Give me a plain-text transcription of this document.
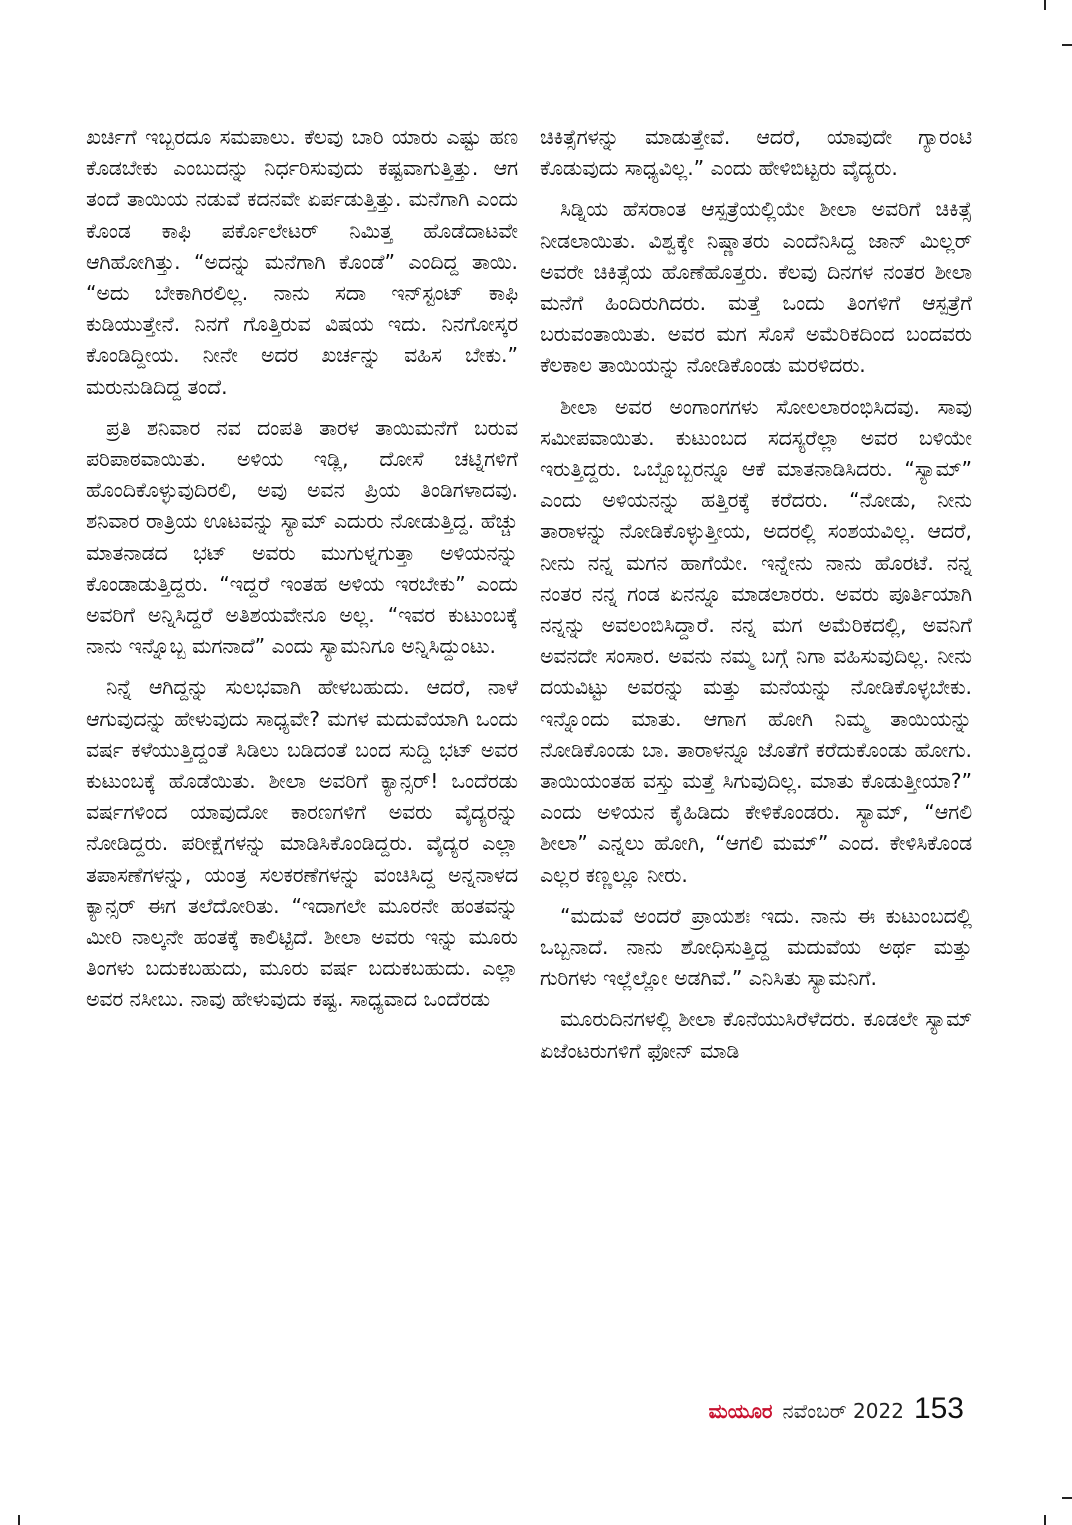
ಖರ್ಚಿಗೆ ಇಬ್ಬರದೂ ಸಮಪಾಲು. ಕೆಲವು ಬಾರಿ ಯಾರು ಎಷ್ಟು ಹಣ ಕೊಡಬೇಕು ಎಂಬುದನ್ನು ನಿರ್ಧರಿಸುವುದು ಕಷ್ಟವಾಗುತ್ತಿತ್ತು. ಆಗ ತಂದೆ ತಾಯಿಯ ನಡುವೆ ಕದನವೇ ಏರ್ಪಡುತ್ತಿತ್ತು. ಮನೆಗಾಗಿ ಎಂದು ಕೊಂಡ ಕಾಫಿ ಪರ್ಕೊಲೇಟರ್ ನಿಮಿತ್ತ ಹೊಡೆದಾಟವೇ ಆಗಿಹೋಗಿತ್ತು. “ಅದನ್ನು ಮನೆಗಾಗಿ ಕೊಂಡೆ” ಎಂದಿದ್ದ ತಾಯಿ. “ಅದು ಬೇಕಾಗಿರಲಿಲ್ಲ. ನಾನು ಸದಾ ಇನ್‌ಸ್ಟಂಟ್ ಕಾಫಿ ಕುಡಿಯುತ್ತೇನೆ. ನಿನಗೆ ಗೊತ್ತಿರುವ ವಿಷಯ ಇದು. ನಿನಗೋಸ್ಕರ ಕೊಂಡಿದ್ದೀಯ. ನೀನೇ ಅದರ ಖರ್ಚನ್ನು ವಹಿಸ ಬೇಕು.” ಮರುನುಡಿದಿದ್ದ ತಂದೆ.

ಪ್ರತಿ ಶನಿವಾರ ನವ ದಂಪತಿ ತಾರಳ ತಾಯಿಮನೆಗೆ ಬರುವ ಪರಿಪಾಠವಾಯಿತು. ಅಳಿಯ ಇಡ್ಲಿ, ದೋಸೆ ಚಟ್ನಿಗಳಿಗೆ ಹೊಂದಿಕೊಳ್ಳುವುದಿರಲಿ, ಅವು ಅವನ ಪ್ರಿಯ ತಿಂಡಿಗಳಾದವು. ಶನಿವಾರ ರಾತ್ರಿಯ ಊಟವನ್ನು ಸ್ಯಾಮ್ ಎದುರು ನೋಡುತ್ತಿದ್ದ. ಹೆಚ್ಚು ಮಾತನಾಡದ ಭಟ್ ಅವರು ಮುಗುಳ್ನಗುತ್ತಾ ಅಳಿಯನನ್ನು ಕೊಂಡಾಡುತ್ತಿದ್ದರು. “ಇದ್ದರೆ ಇಂತಹ ಅಳಿಯ ಇರಬೇಕು” ಎಂದು ಅವರಿಗೆ ಅನ್ನಿಸಿದ್ದರೆ ಅತಿಶಯವೇನೂ ಅಲ್ಲ. “ಇವರ ಕುಟುಂಬಕ್ಕೆ ನಾನು ಇನ್ನೊಬ್ಬ ಮಗನಾದೆ” ಎಂದು ಸ್ಯಾಮನಿಗೂ ಅನ್ನಿಸಿದ್ದುಂಟು.

ನಿನ್ನೆ ಆಗಿದ್ದನ್ನು ಸುಲಭವಾಗಿ ಹೇಳಬಹುದು. ಆದರೆ, ನಾಳೆ ಆಗುವುದನ್ನು ಹೇಳುವುದು ಸಾಧ್ಯವೇ? ಮಗಳ ಮದುವೆಯಾಗಿ ಒಂದು ವರ್ಷ ಕಳೆಯುತ್ತಿದ್ದಂತೆ ಸಿಡಿಲು ಬಡಿದಂತೆ ಬಂದ ಸುದ್ದಿ ಭಟ್ ಅವರ ಕುಟುಂಬಕ್ಕೆ ಹೊಡೆಯಿತು. ಶೀಲಾ ಅವರಿಗೆ ಕ್ಯಾನ್ಸರ್! ಒಂದೆರಡು ವರ್ಷಗಳಿಂದ ಯಾವುದೋ ಕಾರಣಗಳಿಗೆ ಅವರು ವೈದ್ಯರನ್ನು ನೋಡಿದ್ದರು. ಪರೀಕ್ಷೆಗಳನ್ನು ಮಾಡಿಸಿಕೊಂಡಿದ್ದರು. ವೈದ್ಯರ ಎಲ್ಲಾ ತಪಾಸಣೆಗಳನ್ನು, ಯಂತ್ರ ಸಲಕರಣೆಗಳನ್ನು ವಂಚಿಸಿದ್ದ ಅನ್ನನಾಳದ ಕ್ಯಾನ್ಸರ್ ಈಗ ತಲೆದೋರಿತು. “ಇದಾಗಲೇ ಮೂರನೇ ಹಂತವನ್ನು ಮೀರಿ ನಾಲ್ಕನೇ ಹಂತಕ್ಕೆ ಕಾಲಿಟ್ಟಿದೆ. ಶೀಲಾ ಅವರು ಇನ್ನು ಮೂರು ತಿಂಗಳು ಬದುಕಬಹುದು, ಮೂರು ವರ್ಷ ಬದುಕಬಹುದು. ಎಲ್ಲಾ ಅವರ ನಸೀಬು. ನಾವು ಹೇಳುವುದು ಕಷ್ಟ. ಸಾಧ್ಯವಾದ ಒಂದೆರಡು

ಚಿಕಿತ್ಸೆಗಳನ್ನು ಮಾಡುತ್ತೇವೆ. ಆದರೆ, ಯಾವುದೇ ಗ್ಯಾರಂಟಿ ಕೊಡುವುದು ಸಾಧ್ಯವಿಲ್ಲ.” ಎಂದು ಹೇಳಿಬಿಟ್ಟರು ವೈದ್ಯರು.

ಸಿಡ್ನಿಯ ಹೆಸರಾಂತ ಆಸ್ಪತ್ರೆಯಲ್ಲಿಯೇ ಶೀಲಾ ಅವರಿಗೆ ಚಿಕಿತ್ಸೆ ನೀಡಲಾಯಿತು. ವಿಶ್ವಕ್ಕೇ ನಿಷ್ಣಾತರು ಎಂದೆನಿಸಿದ್ದ ಜಾನ್ ಮಿಲ್ಲರ್ ಅವರೇ ಚಿಕಿತ್ಸೆಯ ಹೊಣೆಹೊತ್ತರು. ಕೆಲವು ದಿನಗಳ ನಂತರ ಶೀಲಾ ಮನೆಗೆ ಹಿಂದಿರುಗಿದರು. ಮತ್ತೆ ಒಂದು ತಿಂಗಳಿಗೆ ಆಸ್ಪತ್ರೆಗೆ ಬರುವಂತಾಯಿತು. ಅವರ ಮಗ ಸೊಸೆ ಅಮೆರಿಕದಿಂದ ಬಂದವರು ಕೆಲಕಾಲ ತಾಯಿಯನ್ನು ನೋಡಿಕೊಂಡು ಮರಳಿದರು.

ಶೀಲಾ ಅವರ ಅಂಗಾಂಗಗಳು ಸೋಲಲಾರಂಭಿಸಿದವು. ಸಾವು ಸಮೀಪವಾಯಿತು. ಕುಟುಂಬದ ಸದಸ್ಯರೆಲ್ಲಾ ಅವರ ಬಳಿಯೇ ಇರುತ್ತಿದ್ದರು. ಒಬ್ಬೊಬ್ಬರನ್ನೂ ಆಕೆ ಮಾತನಾಡಿಸಿದರು. “ಸ್ಯಾಮ್” ಎಂದು ಅಳಿಯನನ್ನು ಹತ್ತಿರಕ್ಕೆ ಕರೆದರು. “ನೋಡು, ನೀನು ತಾರಾಳನ್ನು ನೋಡಿಕೊಳ್ಳುತ್ತೀಯ, ಅದರಲ್ಲಿ ಸಂಶಯವಿಲ್ಲ. ಆದರೆ, ನೀನು ನನ್ನ ಮಗನ ಹಾಗೆಯೇ. ಇನ್ನೇನು ನಾನು ಹೊರಟೆ. ನನ್ನ ನಂತರ ನನ್ನ ಗಂಡ ಏನನ್ನೂ ಮಾಡಲಾರರು. ಅವರು ಪೂರ್ತಿಯಾಗಿ ನನ್ನನ್ನು ಅವಲಂಬಿಸಿದ್ದಾರೆ. ನನ್ನ ಮಗ ಅಮೆರಿಕದಲ್ಲಿ, ಅವನಿಗೆ ಅವನದೇ ಸಂಸಾರ. ಅವನು ನಮ್ಮ ಬಗ್ಗೆ ನಿಗಾ ವಹಿಸುವುದಿಲ್ಲ. ನೀನು ದಯವಿಟ್ಟು ಅವರನ್ನು ಮತ್ತು ಮನೆಯನ್ನು ನೋಡಿಕೊಳ್ಳಬೇಕು. ಇನ್ನೊಂದು ಮಾತು. ಆಗಾಗ ಹೋಗಿ ನಿಮ್ಮ ತಾಯಿಯನ್ನು ನೋಡಿಕೊಂಡು ಬಾ. ತಾರಾಳನ್ನೂ ಜೊತೆಗೆ ಕರೆದುಕೊಂಡು ಹೋಗು. ತಾಯಿಯಂತಹ ವಸ್ತು ಮತ್ತೆ ಸಿಗುವುದಿಲ್ಲ. ಮಾತು ಕೊಡುತ್ತೀಯಾ?” ಎಂದು ಅಳಿಯನ ಕೈಹಿಡಿದು ಕೇಳಿಕೊಂಡರು. ಸ್ಯಾಮ್, “ಆಗಲಿ ಶೀಲಾ” ಎನ್ನಲು ಹೋಗಿ, “ಆಗಲಿ ಮಮ್” ಎಂದ. ಕೇಳಿಸಿಕೊಂಡ ಎಲ್ಲರ ಕಣ್ಣಲ್ಲೂ ನೀರು.

“ಮದುವೆ ಅಂದರೆ ಪ್ರಾಯಶಃ ಇದು. ನಾನು ಈ ಕುಟುಂಬದಲ್ಲಿ ಒಬ್ಬನಾದೆ. ನಾನು ಶೋಧಿಸುತ್ತಿದ್ದ ಮದುವೆಯ ಅರ್ಥ ಮತ್ತು ಗುರಿಗಳು ಇಲ್ಲೆಲ್ಲೋ ಅಡಗಿವೆ.” ಎನಿಸಿತು ಸ್ಯಾಮನಿಗೆ.

ಮೂರುದಿನಗಳಲ್ಲಿ ಶೀಲಾ ಕೊನೆಯುಸಿರೆಳೆದರು. ಕೂಡಲೇ ಸ್ಯಾಮ್ ಏಜೆಂಟರುಗಳಿಗೆ ಫೋನ್ ಮಾಡಿ

ಮಯೂರ ನವೆಂಬರ್ 2022 153
